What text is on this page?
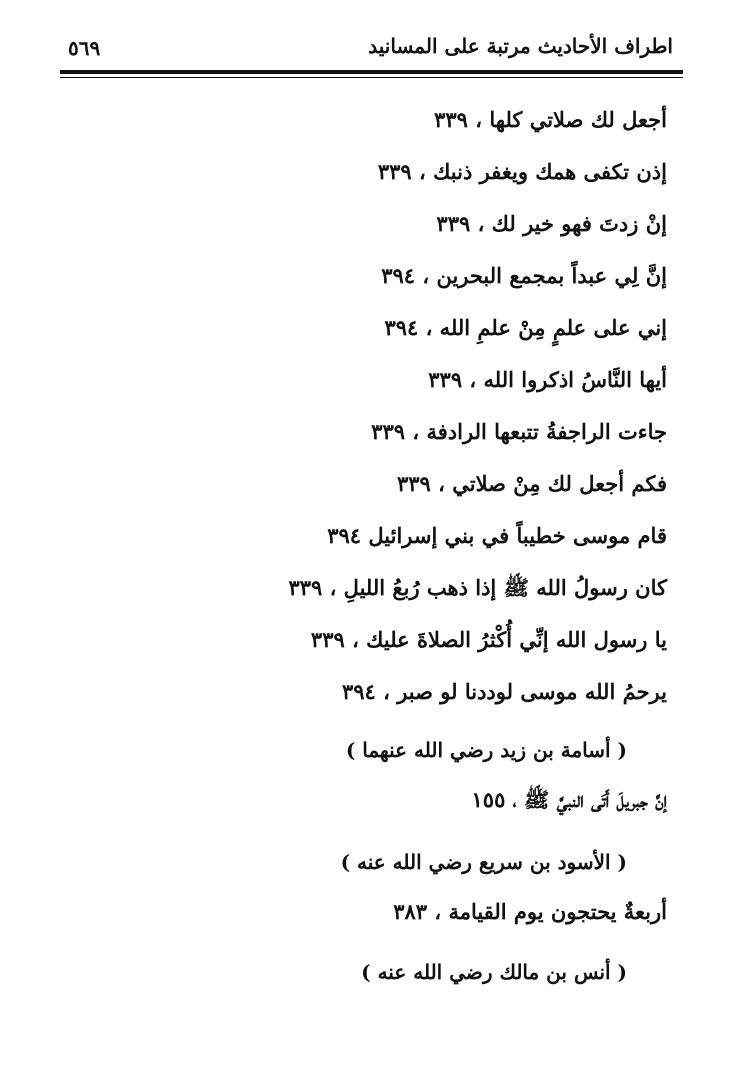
٥٦٩	اطراف الأحاديث مرتبة على المسانيد
أجعل لك صلاتي كلها ، ٣٣٩
إذن تكفى همك ويغفر ذنبك ، ٣٣٩
إنْ زدتَ فهو خير لك ، ٣٣٩
إنَّ لِي عبداً بمجمع البحرين ، ٣٩٤
إني على علمٍ مِنْ علمِ الله ، ٣٩٤
أيها النَّاسُ اذكروا الله ، ٣٣٩
جاءت الراجفةُ تتبعها الرادفة ، ٣٣٩
فكم أجعل لك مِنْ صلاتي ، ٣٣٩
قام موسى خطيباً في بني إسرائيل ٣٩٤
كان رسولُ الله ﷺ إذا ذهب رُبعُ الليلِ ، ٣٣٩
يا رسول الله إنِّي أُكْثرُ الصلاةَ عليك ، ٣٣٩
يرحمُ الله موسى لوددنا لو صبر ، ٣٩٤
( أسامة بن زيد رضي الله عنهما )
إنَّ جبريلَ أَتَى النبيَّ ﷺ ، ١٥٥
( الأسود بن سريع رضي الله عنه )
أربعةٌ يحتجون يوم القيامة ، ٣٨٣
( أنس بن مالك رضي الله عنه )
